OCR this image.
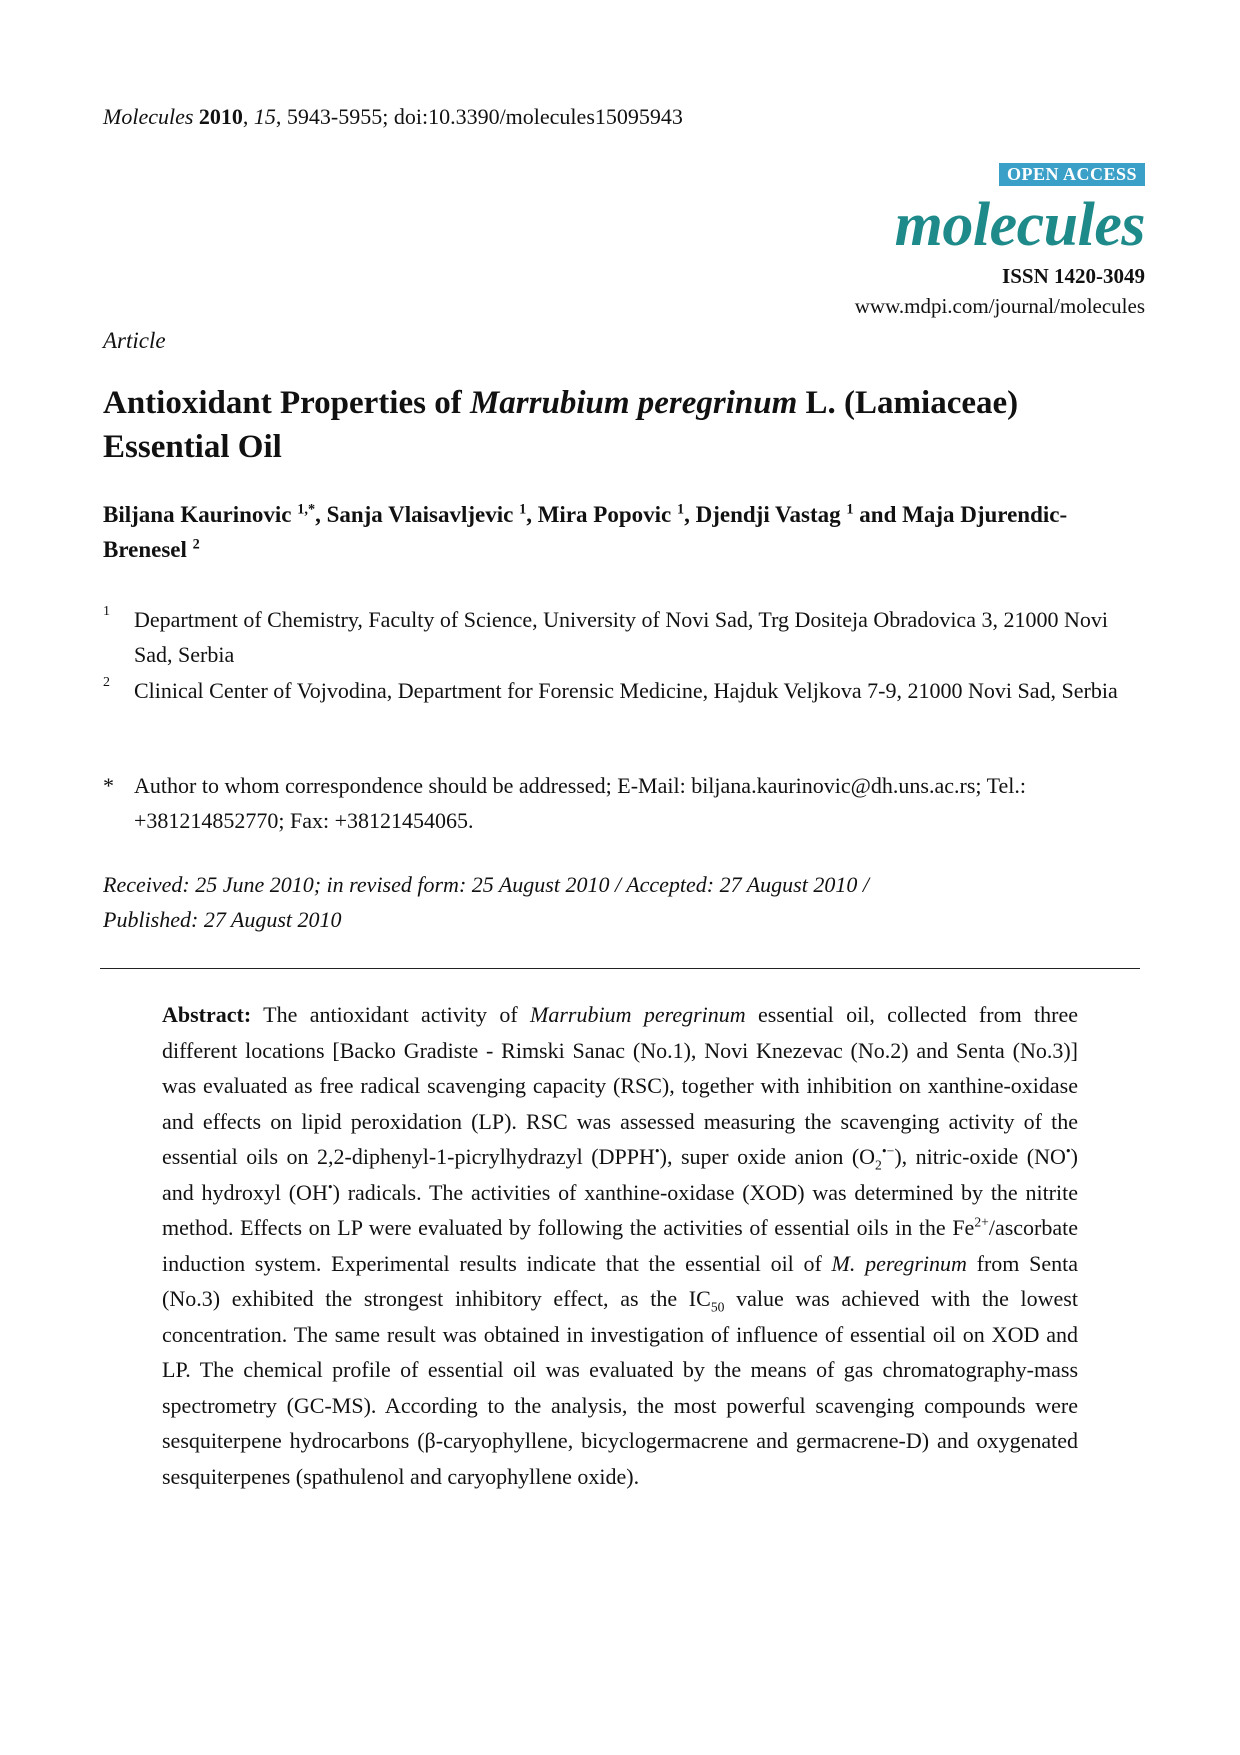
Molecules 2010, 15, 5943-5955; doi:10.3390/molecules15095943
OPEN ACCESS
molecules
ISSN 1420-3049
www.mdpi.com/journal/molecules
Article
Antioxidant Properties of Marrubium peregrinum L. (Lamiaceae) Essential Oil
Biljana Kaurinovic $^{1,*}$, Sanja Vlaisavljevic $^1$, Mira Popovic $^1$, Djendji Vastag $^1$ and Maja Djurendic-Brenesel $^2$
1 Department of Chemistry, Faculty of Science, University of Novi Sad, Trg Dositeja Obradovica 3, 21000 Novi Sad, Serbia
2 Clinical Center of Vojvodina, Department for Forensic Medicine, Hajduk Veljkova 7-9, 21000 Novi Sad, Serbia
* Author to whom correspondence should be addressed; E-Mail: biljana.kaurinovic@dh.uns.ac.rs; Tel.: +381214852770; Fax: +38121454065.
Received: 25 June 2010; in revised form: 25 August 2010 / Accepted: 27 August 2010 /
Published: 27 August 2010
Abstract: The antioxidant activity of Marrubium peregrinum essential oil, collected from three different locations [Backo Gradiste - Rimski Sanac (No.1), Novi Knezevac (No.2) and Senta (No.3)] was evaluated as free radical scavenging capacity (RSC), together with inhibition on xanthine-oxidase and effects on lipid peroxidation (LP). RSC was assessed measuring the scavenging activity of the essential oils on 2,2-diphenyl-1-picrylhydrazyl (DPPH•), super oxide anion $(O_2^{•-})$, nitric-oxide (NO•) and hydroxyl (OH•) radicals. The activities of xanthine-oxidase (XOD) was determined by the nitrite method. Effects on LP were evaluated by following the activities of essential oils in the $Fe^{2+}$/ascorbate induction system. Experimental results indicate that the essential oil of M. peregrinum from Senta (No.3) exhibited the strongest inhibitory effect, as the $IC_{50}$ value was achieved with the lowest concentration. The same result was obtained in investigation of influence of essential oil on XOD and LP. The chemical profile of essential oil was evaluated by the means of gas chromatography-mass spectrometry (GC-MS). According to the analysis, the most powerful scavenging compounds were sesquiterpene hydrocarbons (β-caryophyllene, bicyclogermacrene and germacrene-D) and oxygenated sesquiterpenes (spathulenol and caryophyllene oxide).
